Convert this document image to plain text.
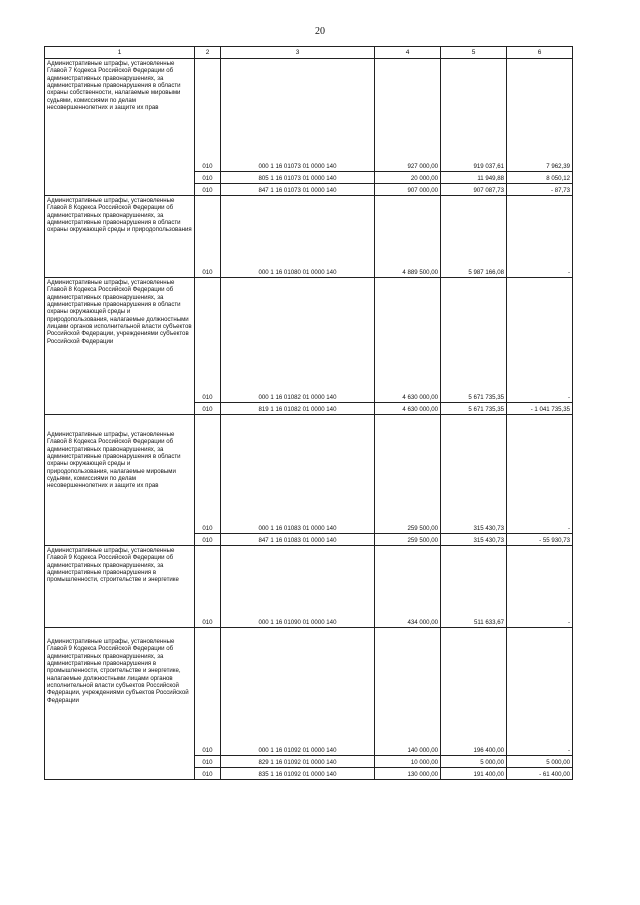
20
1	2	3	4	5	6
Административные штрафы, установленные Главой 7 Кодекса Российской Федерации об административных правонарушениях, за административные правонарушения в области охраны собственности, налагаемые мировыми судьями, комиссиями по делам несовершеннолетних и защите их прав	010	000 1 16 01073 01 0000 140	927 000,00	919 037,61	7 962,39
	010	805 1 16 01073 01 0000 140	20 000,00	11 949,88	8 050,12
	010	847 1 16 01073 01 0000 140	907 000,00	907 087,73	- 87,73
Административные штрафы, установленные Главой 8 Кодекса Российской Федерации об административных правонарушениях, за административные правонарушения в области охраны окружающей среды и природопользования	010	000 1 16 01080 01 0000 140	4 889 500,00	5 987 166,08	-
Административные штрафы, установленные Главой 8 Кодекса Российской Федерации об административных правонарушениях, за административные правонарушения в области охраны окружающей среды и природопользования, налагаемые должностными лицами органов исполнительной власти субъектов Российской Федерации, учреждениями субъектов Российской Федерации	010	000 1 16 01082 01 0000 140	4 630 000,00	5 671 735,35	-
	010	819 1 16 01082 01 0000 140	4 630 000,00	5 671 735,35	- 1 041 735,35
Административные штрафы, установленные Главой 8 Кодекса Российской Федерации об административных правонарушениях, за административные правонарушения в области охраны окружающей среды и природопользования, налагаемые мировыми судьями, комиссиями по делам несовершеннолетних и защите их прав	010	000 1 16 01083 01 0000 140	259 500,00	315 430,73	-
	010	847 1 16 01083 01 0000 140	259 500,00	315 430,73	- 55 930,73
Административные штрафы, установленные Главой 9 Кодекса Российской Федерации об административных правонарушениях, за административные правонарушения в промышленности, строительстве и энергетике	010	000 1 16 01090 01 0000 140	434 000,00	511 633,67	-
Административные штрафы, установленные Главой 9 Кодекса Российской Федерации об административных правонарушениях, за административные правонарушения в промышленности, строительстве и энергетике, налагаемые должностными лицами органов исполнительной власти субъектов Российской Федерации, учреждениями субъектов Российской Федерации	010	000 1 16 01092 01 0000 140	140 000,00	196 400,00	-
	010	829 1 16 01092 01 0000 140	10 000,00	5 000,00	5 000,00
	010	835 1 16 01092 01 0000 140	130 000,00	191 400,00	- 61 400,00
